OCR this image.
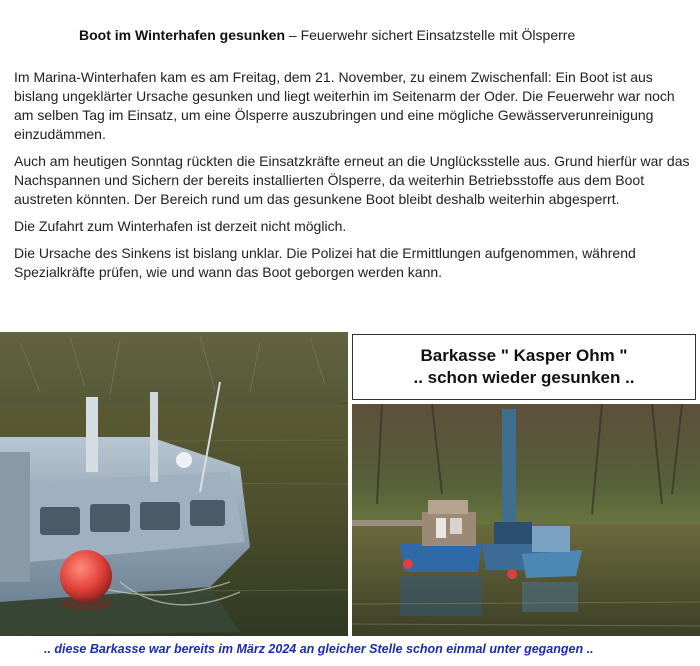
Boot im Winterhafen gesunken – Feuerwehr sichert Einsatzstelle mit Ölsperre

Im Marina-Winterhafen kam es am Freitag, dem 21. November, zu einem Zwischenfall: Ein Boot ist aus bislang ungeklärter Ursache gesunken und liegt weiterhin im Seitenarm der Oder. Die Feuerwehr war noch am selben Tag im Einsatz, um eine Ölsperre auszubringen und eine mögliche Gewässerverunreinigung einzudämmen.

Auch am heutigen Sonntag rückten die Einsatzkräfte erneut an die Unglücksstelle aus. Grund hierfür war das Nachspannen und Sichern der bereits installierten Ölsperre, da weiterhin Betriebsstoffe aus dem Boot austreten könnten. Der Bereich rund um das gesunkene Boot bleibt deshalb weiterhin abgesperrt.

Die Zufahrt zum Winterhafen ist derzeit nicht möglich.

Die Ursache des Sinkens ist bislang unklar. Die Polizei hat die Ermittlungen aufgenommen, während Spezialkräfte prüfen, wie und wann das Boot geborgen werden kann.

Barkasse " Kasper Ohm "
.. schon wieder gesunken ..
.. diese Barkasse war bereits im März 2024 an gleicher Stelle schon einmal unter gegangen ..
